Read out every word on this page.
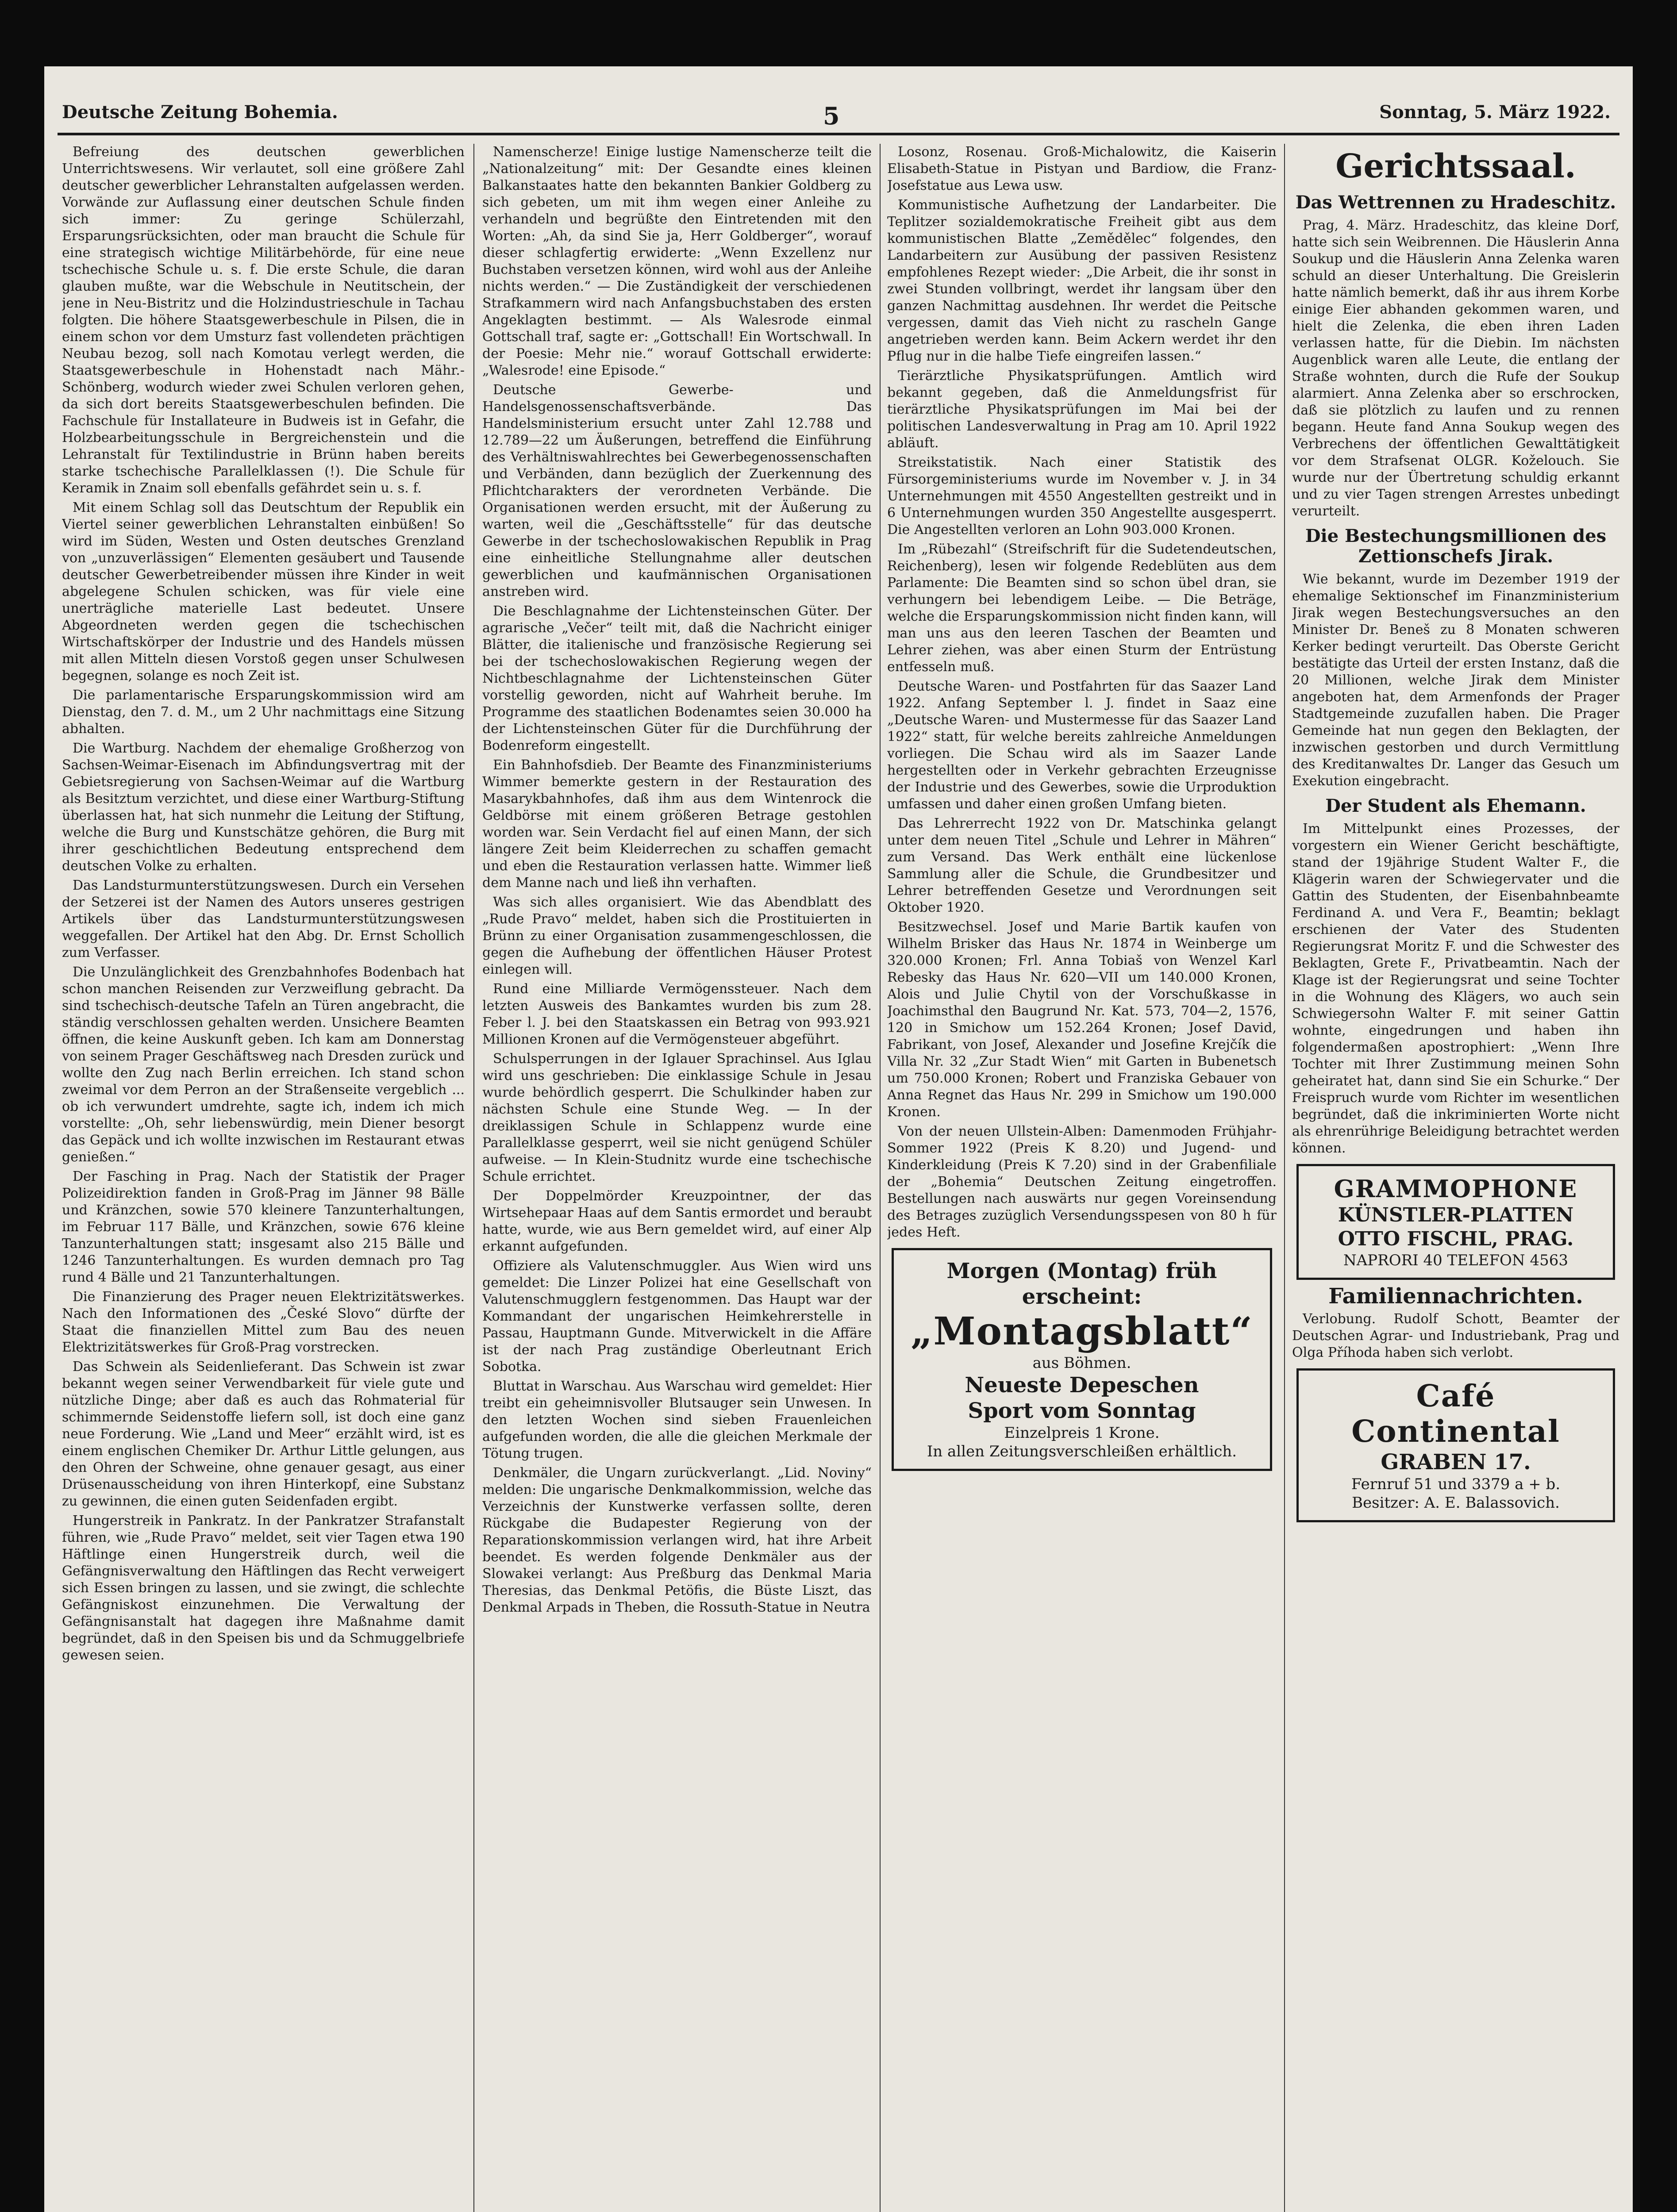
Deutsche Zeitung Bohemia.	5	Sonntag, 5. März 1922.

Befreiung des deutschen gewerblichen Unterrichtswesens. Wir verlautet, soll eine größere Zahl deutscher gewerblicher Lehranstalten aufgelassen werden. Vorwände zur Auflassung einer deutschen Schule finden sich immer: Zu geringe Schülerzahl, Ersparungsrücksichten, oder man braucht die Schule für eine strategisch wichtige Militärbehörde, für eine neue tschechische Schule u. s. f. Die erste Schule, die daran glauben mußte, war die Webschule in Neutitschein, der jene in Neu-Bistritz und die Holzindustrieschule in Tachau folgten. Die höhere Staatsgewerbeschule in Pilsen, die in einem schon vor dem Umsturz fast vollendeten prächtigen Neubau bezog, soll nach Komotau verlegt werden, die Staatsgewerbeschule in Hohenstadt nach Mähr.-Schönberg, wodurch wieder zwei Schulen verloren gehen, da sich dort bereits Staatsgewerbeschulen befinden. Die Fachschule für Installateure in Budweis ist in Gefahr, die Holzbearbeitungsschule in Bergreichenstein und die Lehranstalt für Textilindustrie in Brünn haben bereits starke tschechische Parallelklassen (!). Die Schule für Keramik in Znaim soll ebenfalls gefährdet sein u. s. f.

Mit einem Schlag soll das Deutschtum der Republik ein Viertel seiner gewerblichen Lehranstalten einbüßen! So wird im Süden, Westen und Osten deutsches Grenzland von „unzuverlässigen“ Elementen gesäubert und Tausende deutscher Gewerbetreibender müssen ihre Kinder in weit abgelegene Schulen schicken, was für viele eine unerträgliche materielle Last bedeutet. Unsere Abgeordneten werden gegen die tschechischen Wirtschaftskörper der Industrie und des Handels müssen mit allen Mitteln diesen Vorstoß gegen unser Schulwesen begegnen, solange es noch Zeit ist.

Die parlamentarische Ersparungskommission wird am Dienstag, den 7. d. M., um 2 Uhr nachmittags eine Sitzung abhalten.

Die Wartburg. Nachdem der ehemalige Großherzog von Sachsen-Weimar-Eisenach im Abfindungsvertrag mit der Gebietsregierung von Sachsen-Weimar auf die Wartburg als Besitztum verzichtet, und diese einer Wartburg-Stiftung überlassen hat, hat sich nunmehr die Leitung der Stiftung, welche die Burg und Kunstschätze gehören, die Burg mit ihrer geschichtlichen Bedeutung entsprechend dem deutschen Volke zu erhalten.

Das Landsturmunterstützungswesen. Durch ein Versehen der Setzerei ist der Namen des Autors unseres gestrigen Artikels über das Landsturmunterstützungswesen weggefallen. Der Artikel hat den Abg. Dr. Ernst Schollich zum Verfasser.

Die Unzulänglichkeit des Grenzbahnhofes Bodenbach hat schon manchen Reisenden zur Verzweiflung gebracht. Da sind tschechisch-deutsche Tafeln an Türen angebracht, die ständig verschlossen gehalten werden. Unsichere Beamten öffnen, die keine Auskunft geben. Ich kam am Donnerstag von seinem Prager Geschäftsweg nach Dresden zurück und wollte den Zug nach Berlin erreichen. Ich stand schon zweimal vor dem Perron an der Straßenseite vergeblich ... ob ich verwundert umdrehte, sagte ich, indem ich mich vorstellte: „Oh, sehr liebenswürdig, mein Diener besorgt das Gepäck und ich wollte inzwischen im Restaurant etwas genießen.“

Der Fasching in Prag. Nach der Statistik der Prager Polizeidirektion fanden in Groß-Prag im Jänner 98 Bälle und Kränzchen, sowie 570 kleinere Tanzunterhaltungen, im Februar 117 Bälle, und Kränzchen, sowie 676 kleine Tanzunterhaltungen statt; insgesamt also 215 Bälle und 1246 Tanzunterhaltungen. Es wurden demnach pro Tag rund 4 Bälle und 21 Tanzunterhaltungen.

Die Finanzierung des Prager neuen Elektrizitätswerkes. Nach den Informationen des „České Slovo“ dürfte der Staat die finanziellen Mittel zum Bau des neuen Elektrizitätswerkes für Groß-Prag vorstrecken.

Das Schwein als Seidenlieferant. Das Schwein ist zwar bekannt wegen seiner Verwendbarkeit für viele gute und nützliche Dinge; aber daß es auch das Rohmaterial für schimmernde Seidenstoffe liefern soll, ist doch eine ganz neue Forderung. Wie „Land und Meer“ erzählt wird, ist es einem englischen Chemiker Dr. Arthur Little gelungen, aus den Ohren der Schweine, ohne genauer gesagt, aus einer Drüsenausscheidung von ihren Hinterkopf, eine Substanz zu gewinnen, die einen guten Seidenfaden ergibt.

Hungerstreik in Pankratz. In der Pankratzer Strafanstalt führen, wie „Rude Pravo“ meldet, seit vier Tagen etwa 190 Häftlinge einen Hungerstreik durch, weil die Gefängnisverwaltung den Häftlingen das Recht verweigert sich Essen bringen zu lassen, und sie zwingt, die schlechte Gefängniskost einzunehmen. Die Verwaltung der Gefängnisanstalt hat dagegen ihre Maßnahme damit begründet, daß in den Speisen bis und da Schmuggelbriefe gewesen seien.

Namenscherze! Einige lustige Namenscherze teilt die „Nationalzeitung“ mit: Der Gesandte eines kleinen Balkanstaates hatte den bekannten Bankier Goldberg zu sich gebeten, um mit ihm wegen einer Anleihe zu verhandeln und begrüßte den Eintretenden mit den Worten: „Ah, da sind Sie ja, Herr Goldberger“, worauf dieser schlagfertig erwiderte: „Wenn Exzellenz nur Buchstaben versetzen können, wird wohl aus der Anleihe nichts werden.“ — Die Zuständigkeit der verschiedenen Strafkammern wird nach Anfangsbuchstaben des ersten Angeklagten bestimmt. — Als Walesrode einmal Gottschall traf, sagte er: „Gottschall! Ein Wortschwall. In der Poesie: Mehr nie.“ worauf Gottschall erwiderte: „Walesrode! eine Episode.“

Deutsche Gewerbe- und Handelsgenossenschaftsverbände. Das Handelsministerium ersucht unter Zahl 12.788 und 12.789—22 um Äußerungen, betreffend die Einführung des Verhältniswahlrechtes bei Gewerbegenossenschaften und Verbänden, dann bezüglich der Zuerkennung des Pflichtcharakters der verordneten Verbände. Die Organisationen werden ersucht, mit der Äußerung zu warten, weil die „Geschäftsstelle“ für das deutsche Gewerbe in der tschechoslowakischen Republik in Prag eine einheitliche Stellungnahme aller deutschen gewerblichen und kaufmännischen Organisationen anstreben wird.

Die Beschlagnahme der Lichtensteinschen Güter. Der agrarische „Večer“ teilt mit, daß die Nachricht einiger Blätter, die italienische und französische Regierung sei bei der tschechoslowakischen Regierung wegen der Nichtbeschlagnahme der Lichtensteinschen Güter vorstellig geworden, nicht auf Wahrheit beruhe. Im Programme des staatlichen Bodenamtes seien 30.000 ha der Lichtensteinschen Güter für die Durchführung der Bodenreform eingestellt.

Ein Bahnhofsdieb. Der Beamte des Finanzministeriums Wimmer bemerkte gestern in der Restauration des Masarykbahnhofes, daß ihm aus dem Wintenrock die Geldbörse mit einem größeren Betrage gestohlen worden war. Sein Verdacht fiel auf einen Mann, der sich längere Zeit beim Kleiderrechen zu schaffen gemacht und eben die Restauration verlassen hatte. Wimmer ließ dem Manne nach und ließ ihn verhaften.

Was sich alles organisiert. Wie das Abendblatt des „Rude Pravo“ meldet, haben sich die Prostituierten in Brünn zu einer Organisation zusammengeschlossen, die gegen die Aufhebung der öffentlichen Häuser Protest einlegen will.

Rund eine Milliarde Vermögenssteuer. Nach dem letzten Ausweis des Bankamtes wurden bis zum 28. Feber l. J. bei den Staatskassen ein Betrag von 993.921 Millionen Kronen auf die Vermögensteuer abgeführt.

Schulsperrungen in der Iglauer Sprachinsel. Aus Iglau wird uns geschrieben: Die einklassige Schule in Jesau wurde behördlich gesperrt. Die Schulkinder haben zur nächsten Schule eine Stunde Weg. — In der dreiklassigen Schule in Schlappenz wurde eine Parallelklasse gesperrt, weil sie nicht genügend Schüler aufweise. — In Klein-Studnitz wurde eine tschechische Schule errichtet.

Der Doppelmörder Kreuzpointner, der das Wirtsehepaar Haas auf dem Santis ermordet und beraubt hatte, wurde, wie aus Bern gemeldet wird, auf einer Alp erkannt aufgefunden.

Offiziere als Valutenschmuggler. Aus Wien wird uns gemeldet: Die Linzer Polizei hat eine Gesellschaft von Valutenschmugglern festgenommen. Das Haupt war der Kommandant der ungarischen Heimkehrerstelle in Passau, Hauptmann Gunde. Mitverwickelt in die Affäre ist der nach Prag zuständige Oberleutnant Erich Sobotka.

Bluttat in Warschau. Aus Warschau wird gemeldet: Hier treibt ein geheimnisvoller Blutsauger sein Unwesen. In den letzten Wochen sind sieben Frauenleichen aufgefunden worden, die alle die gleichen Merkmale der Tötung trugen.

Denkmäler, die Ungarn zurückverlangt. „Lid. Noviny“ melden: Die ungarische Denkmalkommission, welche das Verzeichnis der Kunstwerke verfassen sollte, deren Rückgabe die Budapester Regierung von der Reparationskommission verlangen wird, hat ihre Arbeit beendet. Es werden folgende Denkmäler aus der Slowakei verlangt: Aus Preßburg das Denkmal Maria Theresias, das Denkmal Petöfis, die Büste Liszt, das Denkmal Arpads in Theben, die Rossuth-Statue in Neutra

Losonz, Rosenau. Groß-Michalowitz, die Kaiserin Elisabeth-Statue in Pistyan und Bardiow, die Franz-Josefstatue aus Lewa usw.

Kommunistische Aufhetzung der Landarbeiter. Die Teplitzer sozialdemokratische Freiheit gibt aus dem kommunistischen Blatte „Zemědělec“ folgendes, den Landarbeitern zur Ausübung der passiven Resistenz empfohlenes Rezept wieder: „Die Arbeit, die ihr sonst in zwei Stunden vollbringt, werdet ihr langsam über den ganzen Nachmittag ausdehnen. Ihr werdet die Peitsche vergessen, damit das Vieh nicht zu rascheln Gange angetrieben werden kann. Beim Ackern werdet ihr den Pflug nur in die halbe Tiefe eingreifen lassen.“

Tierärztliche Physikatsprüfungen. Amtlich wird bekannt gegeben, daß die Anmeldungsfrist für tierärztliche Physikatsprüfungen im Mai bei der politischen Landesverwaltung in Prag am 10. April 1922 abläuft.

Streikstatistik. Nach einer Statistik des Fürsorgeministeriums wurde im November v. J. in 34 Unternehmungen mit 4550 Angestellten gestreikt und in 6 Unternehmungen wurden 350 Angestellte ausgesperrt. Die Angestellten verloren an Lohn 903.000 Kronen.

Im „Rübezahl“ (Streifschrift für die Sudetendeutschen, Reichenberg), lesen wir folgende Redeblüten aus dem Parlamente: Die Beamten sind so schon übel dran, sie verhungern bei lebendigem Leibe. — Die Beträge, welche die Ersparungskommission nicht finden kann, will man uns aus den leeren Taschen der Beamten und Lehrer ziehen, was aber einen Sturm der Entrüstung entfesseln muß.

Deutsche Waren- und Postfahrten für das Saazer Land 1922. Anfang September l. J. findet in Saaz eine „Deutsche Waren- und Mustermesse für das Saazer Land 1922“ statt, für welche bereits zahlreiche Anmeldungen vorliegen. Die Schau wird als im Saazer Lande hergestellten oder in Verkehr gebrachten Erzeugnisse der Industrie und des Gewerbes, sowie die Urproduktion umfassen und daher einen großen Umfang bieten.

Das Lehrerrecht 1922 von Dr. Matschinka gelangt unter dem neuen Titel „Schule und Lehrer in Mähren“ zum Versand. Das Werk enthält eine lückenlose Sammlung aller die Schule, die Grundbesitzer und Lehrer betreffenden Gesetze und Verordnungen seit Oktober 1920.

Besitzwechsel. Josef und Marie Bartik kaufen von Wilhelm Brisker das Haus Nr. 1874 in Weinberge um 320.000 Kronen; Frl. Anna Tobiaš von Wenzel Karl Rebesky das Haus Nr. 620—VII um 140.000 Kronen, Alois und Julie Chytil von der Vorschußkasse in Joachimsthal den Baugrund Nr. Kat. 573, 704—2, 1576, 120 in Smichow um 152.264 Kronen; Josef David, Fabrikant, von Josef, Alexander und Josefine Krejčík die Villa Nr. 32 „Zur Stadt Wien“ mit Garten in Bubenetsch um 750.000 Kronen; Robert und Franziska Gebauer von Anna Regnet das Haus Nr. 299 in Smichow um 190.000 Kronen.

Von der neuen Ullstein-Alben: Damenmoden Frühjahr-Sommer 1922 (Preis K 8.20) und Jugend- und Kinderkleidung (Preis K 7.20) sind in der Grabenfiliale der „Bohemia“ Deutschen Zeitung eingetroffen. Bestellungen nach auswärts nur gegen Voreinsendung des Betrages zuzüglich Versendungsspesen von 80 h für jedes Heft.

Morgen (Montag) früh erscheint:
„Montagsblatt“
aus Böhmen.
Neueste Depeschen
Sport vom Sonntag
Einzelpreis 1 Krone.
In allen Zeitungsverschleißen erhältlich.
Gerichtssaal.
Das Wettrennen zu Hradeschitz.

Prag, 4. März. Hradeschitz, das kleine Dorf, hatte sich sein Weibrennen. Die Häuslerin Anna Soukup und die Häuslerin Anna Zelenka waren schuld an dieser Unterhaltung. Die Greislerin hatte nämlich bemerkt, daß ihr aus ihrem Korbe einige Eier abhanden gekommen waren, und hielt die Zelenka, die eben ihren Laden verlassen hatte, für die Diebin. Im nächsten Augenblick waren alle Leute, die entlang der Straße wohnten, durch die Rufe der Soukup alarmiert. Anna Zelenka aber so erschrocken, daß sie plötzlich zu laufen und zu rennen begann. Heute fand Anna Soukup wegen des Verbrechens der öffentlichen Gewalttätigkeit vor dem Strafsenat OLGR. Koželouch. Sie wurde nur der Übertretung schuldig erkannt und zu vier Tagen strengen Arrestes unbedingt verurteilt.

Die Bestechungsmillionen des Zettionschefs Jirak.

Wie bekannt, wurde im Dezember 1919 der ehemalige Sektionschef im Finanzministerium Jirak wegen Bestechungsversuches an den Minister Dr. Beneš zu 8 Monaten schweren Kerker bedingt verurteilt. Das Oberste Gericht bestätigte das Urteil der ersten Instanz, daß die 20 Millionen, welche Jirak dem Minister angeboten hat, dem Armenfonds der Prager Stadtgemeinde zuzufallen haben. Die Prager Gemeinde hat nun gegen den Beklagten, der inzwischen gestorben und durch Vermittlung des Kreditanwaltes Dr. Langer das Gesuch um Exekution eingebracht.

Der Student als Ehemann.

Im Mittelpunkt eines Prozesses, der vorgestern ein Wiener Gericht beschäftigte, stand der 19jährige Student Walter F., die Klägerin waren der Schwiegervater und die Gattin des Studenten, der Eisenbahnbeamte Ferdinand A. und Vera F., Beamtin; beklagt erschienen der Vater des Studenten Regierungsrat Moritz F. und die Schwester des Beklagten, Grete F., Privatbeamtin. Nach der Klage ist der Regierungsrat und seine Tochter in die Wohnung des Klägers, wo auch sein Schwiegersohn Walter F. mit seiner Gattin wohnte, eingedrungen und haben ihn folgendermaßen apostrophiert: „Wenn Ihre Tochter mit Ihrer Zustimmung meinen Sohn geheiratet hat, dann sind Sie ein Schurke.“ Der Freispruch wurde vom Richter im wesentlichen begründet, daß die inkriminierten Worte nicht als ehrenrührige Beleidigung betrachtet werden können.

GRAMMOPHONE
KÜNSTLER-PLATTEN
OTTO FISCHL, PRAG.
NAPRORI 40 TELEFON 4563
Familiennachrichten.

Verlobung. Rudolf Schott, Beamter der Deutschen Agrar- und Industriebank, Prag und Olga Příhoda haben sich verlobt.

Café Continental
GRABEN 17.
Fernruf 51 und 3379 a + b.
Besitzer: A. E. Balassovich.
